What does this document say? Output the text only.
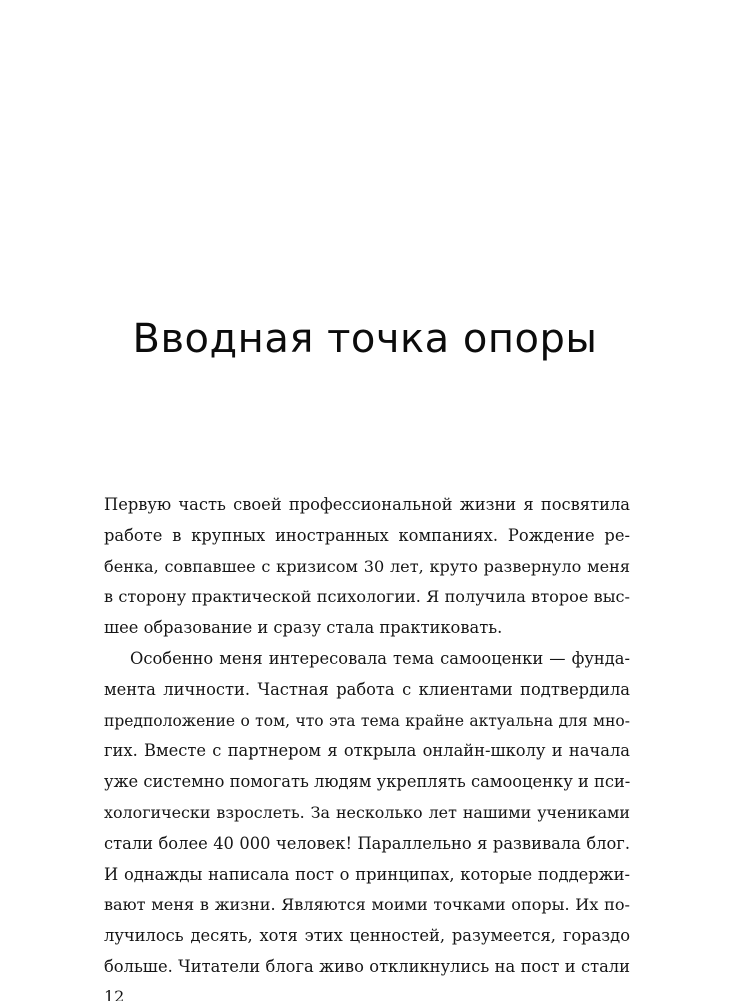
Вводная точка опоры
Первую часть своей профессиональной жизни я посвятила
работе в крупных иностранных компаниях. Рождение ре-
бенка, совпавшее с кризисом 30 лет, круто развернуло меня
в сторону практической психологии. Я получила второе выс-
шее образование и сразу стала практиковать.
Особенно меня интересовала тема самооценки — фунда-
мента личности. Частная работа с клиентами подтвердила
предположение о том, что эта тема крайне актуальна для мно-
гих. Вместе с партнером я открыла онлайн-школу и начала
уже системно помогать людям укреплять самооценку и пси-
хологически взрослеть. За несколько лет нашими учениками
стали более 40 000 человек! Параллельно я развивала блог.
И однажды написала пост о принципах, которые поддержи-
вают меня в жизни. Являются моими точками опоры. Их по-
лучилось десять, хотя этих ценностей, разумеется, гораздо
больше. Читатели блога живо откликнулись на пост и стали
12
